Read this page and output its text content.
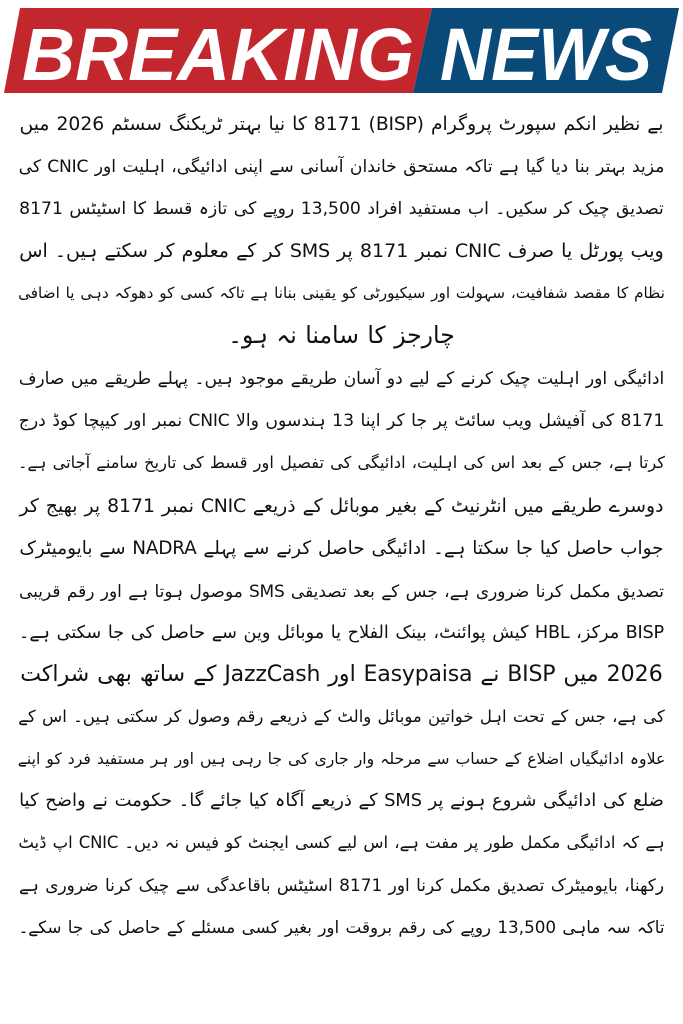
BREAKING NEWS

بے نظیر انکم سپورٹ پروگرام (BISP) 8171 کا نیا بہتر ٹریکنگ سسٹم 2026 میں
مزید بہتر بنا دیا گیا ہے تاکہ مستحق خاندان آسانی سے اپنی ادائیگی، اہلیت اور CNIC کی
تصدیق چیک کر سکیں۔ اب مستفید افراد 13,500 روپے کی تازہ قسط کا اسٹیٹس 8171
ویب پورٹل یا صرف CNIC نمبر 8171 پر SMS کر کے معلوم کر سکتے ہیں۔ اس
نظام کا مقصد شفافیت، سہولت اور سیکیورٹی کو یقینی بنانا ہے تاکہ کسی کو دھوکہ دہی یا اضافی
چارجز کا سامنا نہ ہو۔

ادائیگی اور اہلیت چیک کرنے کے لیے دو آسان طریقے موجود ہیں۔ پہلے طریقے میں صارف
8171 کی آفیشل ویب سائٹ پر جا کر اپنا 13 ہندسوں والا CNIC نمبر اور کیپچا کوڈ درج
کرتا ہے، جس کے بعد اس کی اہلیت، ادائیگی کی تفصیل اور قسط کی تاریخ سامنے آجاتی ہے۔

دوسرے طریقے میں انٹرنیٹ کے بغیر موبائل کے ذریعے CNIC نمبر 8171 پر بھیج کر
جواب حاصل کیا جا سکتا ہے۔ ادائیگی حاصل کرنے سے پہلے NADRA سے بایومیٹرک
تصدیق مکمل کرنا ضروری ہے، جس کے بعد تصدیقی SMS موصول ہوتا ہے اور رقم قریبی
BISP مرکز، HBL کیش پوائنٹ، بینک الفلاح یا موبائل وین سے حاصل کی جا سکتی ہے۔
2026 میں BISP نے Easypaisa اور JazzCash کے ساتھ بھی شراکت
کی ہے، جس کے تحت اہل خواتین موبائل والٹ کے ذریعے رقم وصول کر سکتی ہیں۔ اس کے
علاوہ ادائیگیاں اضلاع کے حساب سے مرحلہ وار جاری کی جا رہی ہیں اور ہر مستفید فرد کو اپنے
ضلع کی ادائیگی شروع ہونے پر SMS کے ذریعے آگاہ کیا جائے گا۔ حکومت نے واضح کیا
ہے کہ ادائیگی مکمل طور پر مفت ہے، اس لیے کسی ایجنٹ کو فیس نہ دیں۔ CNIC اپ ڈیٹ
رکھنا، بایومیٹرک تصدیق مکمل کرنا اور 8171 اسٹیٹس باقاعدگی سے چیک کرنا ضروری ہے
تاکہ سہ ماہی 13,500 روپے کی رقم بروقت اور بغیر کسی مسئلے کے حاصل کی جا سکے۔
